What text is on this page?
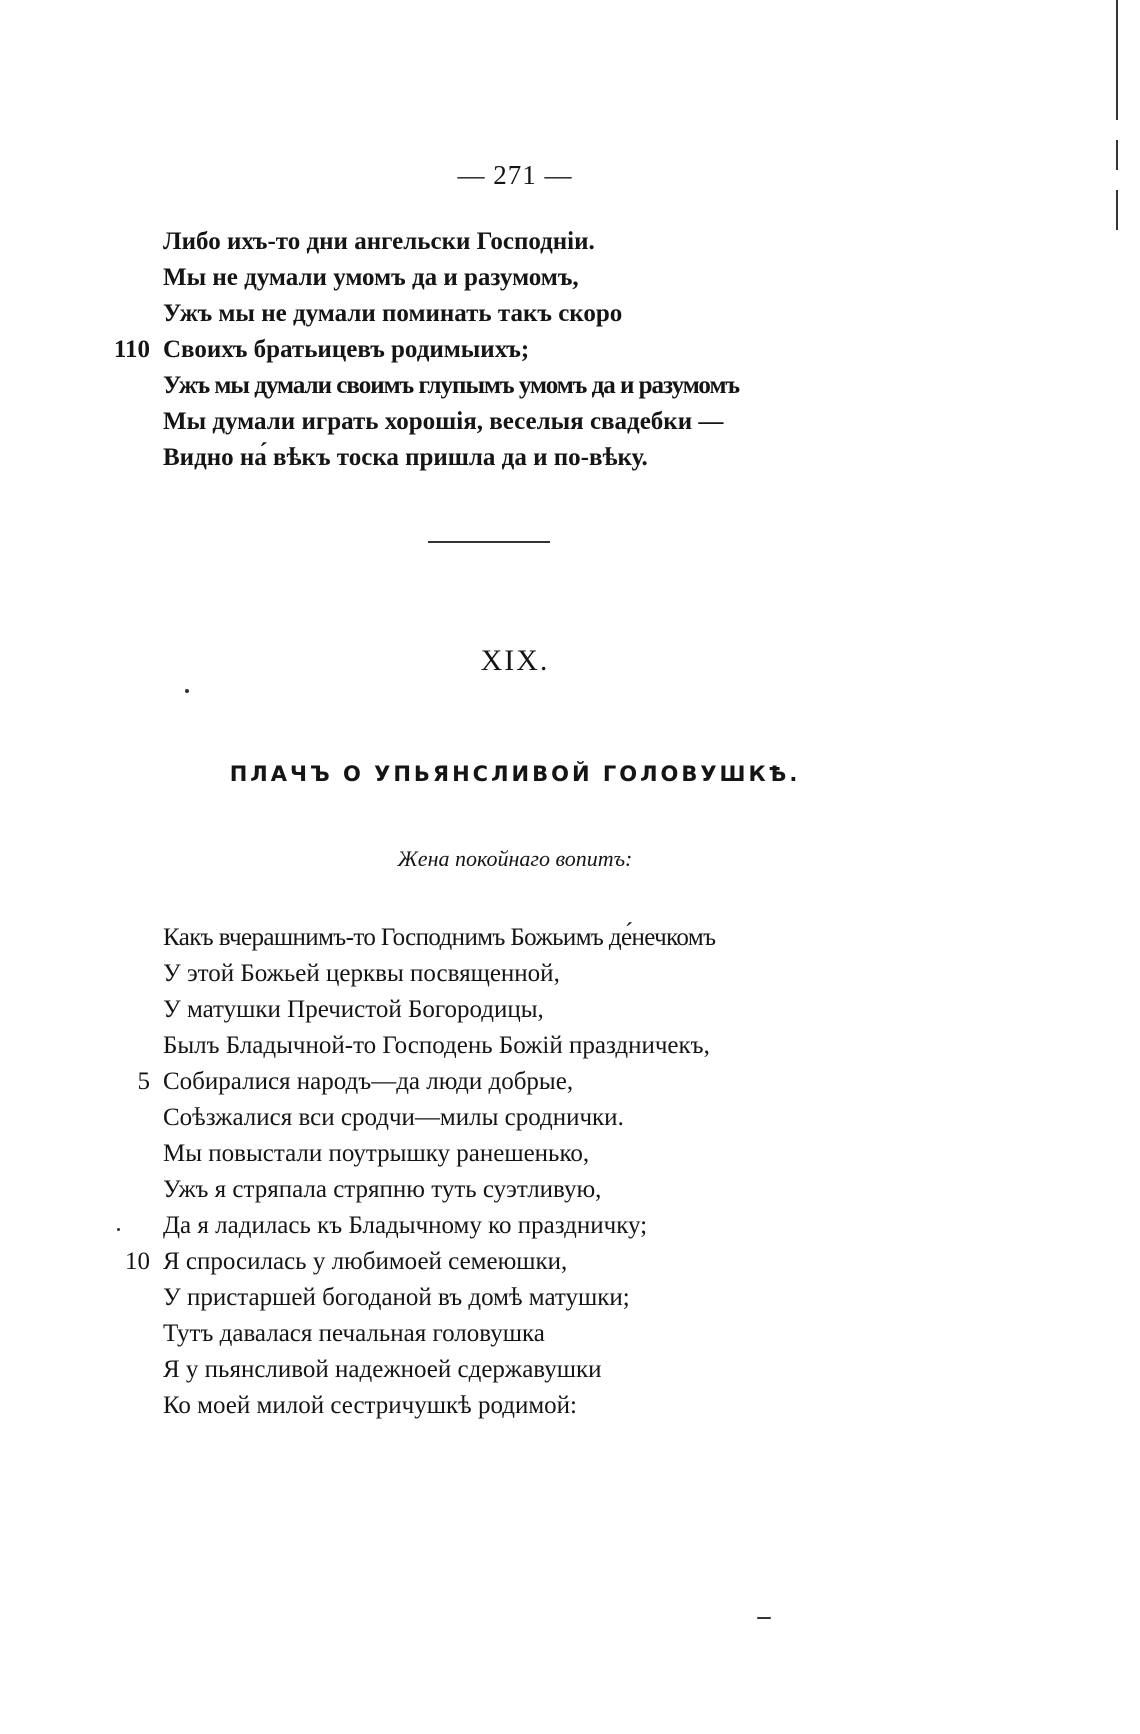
— 271 —
Либо ихъ-то дни ангельски Господніи.
Мы не думали умомъ да и разумомъ,
Ужъ мы не думали поминать такъ скоро
110 Своихъ братьицевъ родимыихъ;
Ужъ мы думали своимъ глупымъ умомъ да и разумомъ
Мы думали играть хорошія, веселыя свадебки —
Видно на́ вѣкъ тоска пришла да и по-вѣку.
XIX.
ПЛАЧЪ О УПЬЯНСЛИВОЙ ГОЛОВУШКѢ.
Жена покойнаго вопитъ:
Какъ вчерашнимъ-то Господнимъ Божьимъ де́нечкомъ
У этой Божьей церквы посвященной,
У матушки Пречистой Богородицы,
Былъ Бладычной-то Господень Божій праздничекъ,
5 Собиралися народъ—да люди добрые,
Соѣзжалися вси сродчи—милы сроднички.
Мы повыстали поутрышку ранешенько,
Ужъ я стряпала стряпню туть суэтливую,
Да я ладилась къ Бладычному ко праздничку;
10 Я спросилась у любимоей семеюшки,
У пристаршей богоданой въ домѣ матушки;
Тутъ давалася печальная головушка
Я у пьянсливой надежноей сдержавушки
Ко моей милой сестричушкѣ родимой:
